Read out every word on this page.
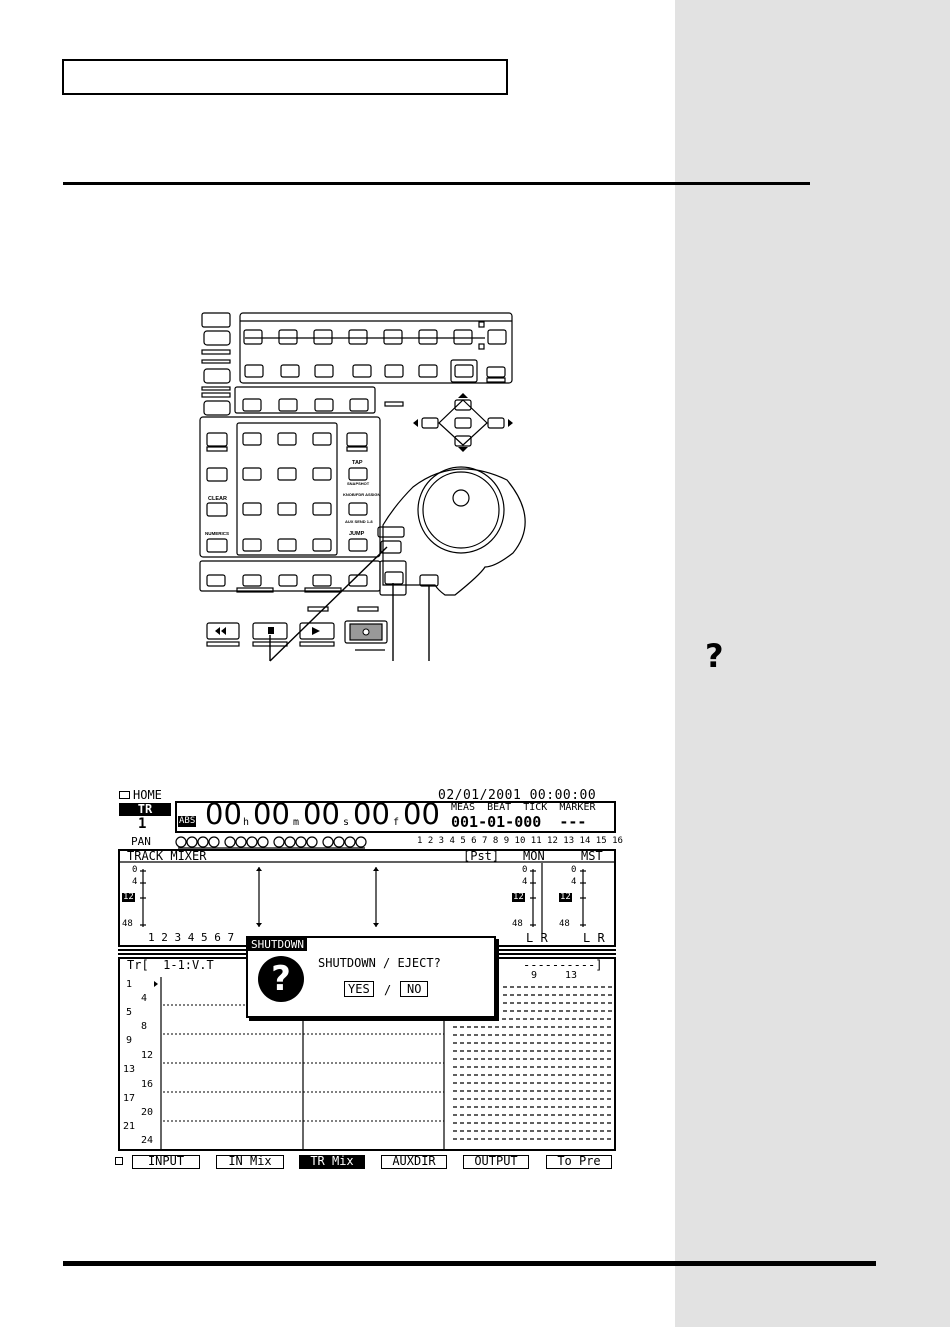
TAP
SNAPSHOT
KNOB/FDR ASSIGN
AUX SEND 1-8
CLEAR
NUMERICS	JUMP
?
HOME	02/01/2001 00:00:00
TR
1	ABS 00 h 00 m 00 s 00 f 00 MEAS  BEAT  TICK  MARKER
001-01-000  ---
PAN	1 2 3 4 5 6 7 8 9 10 11 12 13 14 15 16
TRACK MIXER	[Pst] MON	MST
0
4
12
48
0
4
12
48
0
4
12
48
1 2 3 4 5 6 7	L R	L R
Tr[  1-1:V.T	----------]
9	13
1
4
5
8
9
12
13
16
17
20
21
24
SHUTDOWN
?	SHUTDOWN / EJECT?
YES	/	NO
INPUT	IN Mix	TR Mix	AUXDIR	OUTPUT	To Pre
